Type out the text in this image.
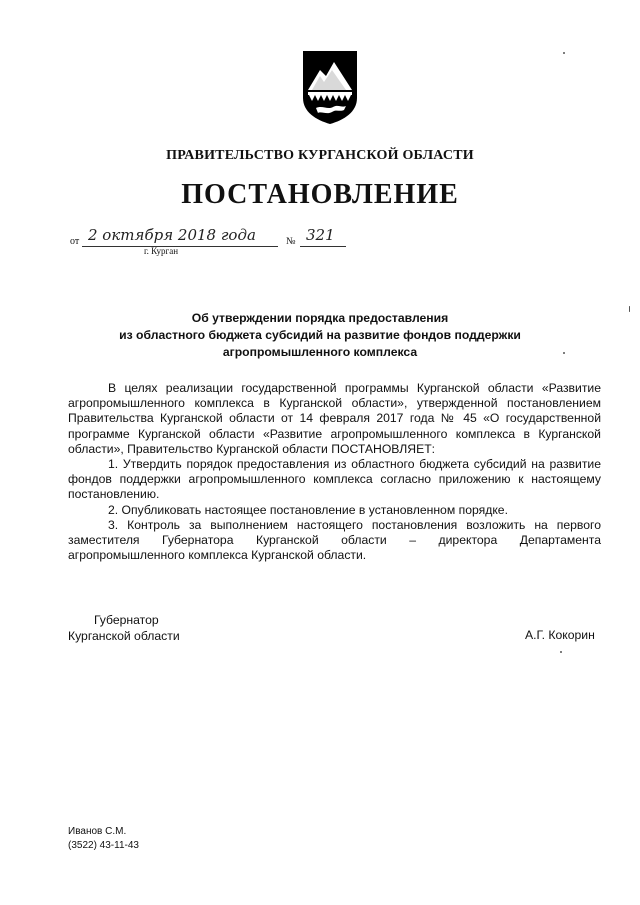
ПРАВИТЕЛЬСТВО КУРГАНСКОЙ ОБЛАСТИ
ПОСТАНОВЛЕНИЕ
от 2 октября 2018 года	№ 321
г. Курган
Об утверждении порядка предоставления
из областного бюджета субсидий на развитие фондов поддержки
агропромышленного комплекса

В целях реализации государственной программы Курганской области «Развитие агропромышленного комплекса в Курганской области», утвержденной постановлением Правительства Курганской области от 14 февраля 2017 года № 45 «О государственной программе Курганской области «Развитие агропромышленного комплекса в Курганской области», Правительство Курганской области ПОСТАНОВЛЯЕТ:

1. Утвердить порядок предоставления из областного бюджета субсидий на развитие фондов поддержки агропромышленного комплекса согласно приложению к настоящему постановлению.

2. Опубликовать настоящее постановление в установленном порядке.

3. Контроль за выполнением настоящего постановления возложить на первого заместителя Губернатора Курганской области – директора Департамента агропромышленного комплекса Курганской области.

Губернатор
Курганской области	А.Г. Кокорин
Иванов С.М.
(3522) 43-11-43
